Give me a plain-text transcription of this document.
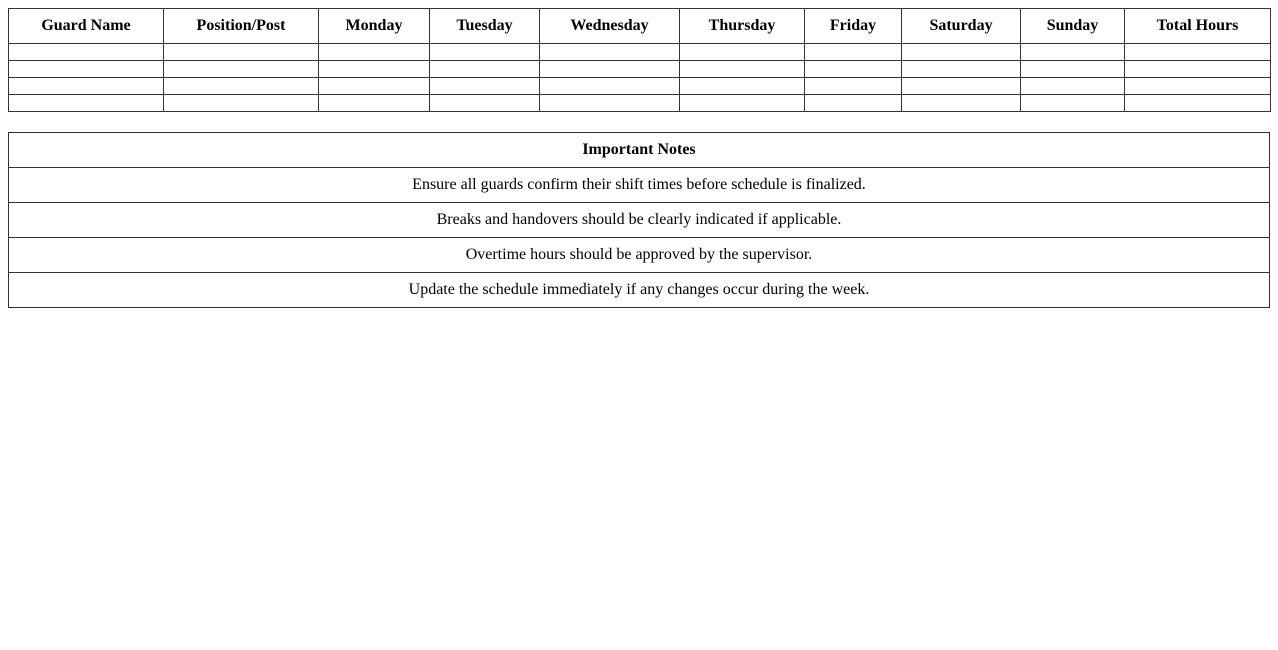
Guard Name	Position/Post	Monday	Tuesday	Wednesday	Thursday	Friday	Saturday	Sunday	Total Hours

Important Notes
Ensure all guards confirm their shift times before schedule is finalized.
Breaks and handovers should be clearly indicated if applicable.
Overtime hours should be approved by the supervisor.
Update the schedule immediately if any changes occur during the week.
